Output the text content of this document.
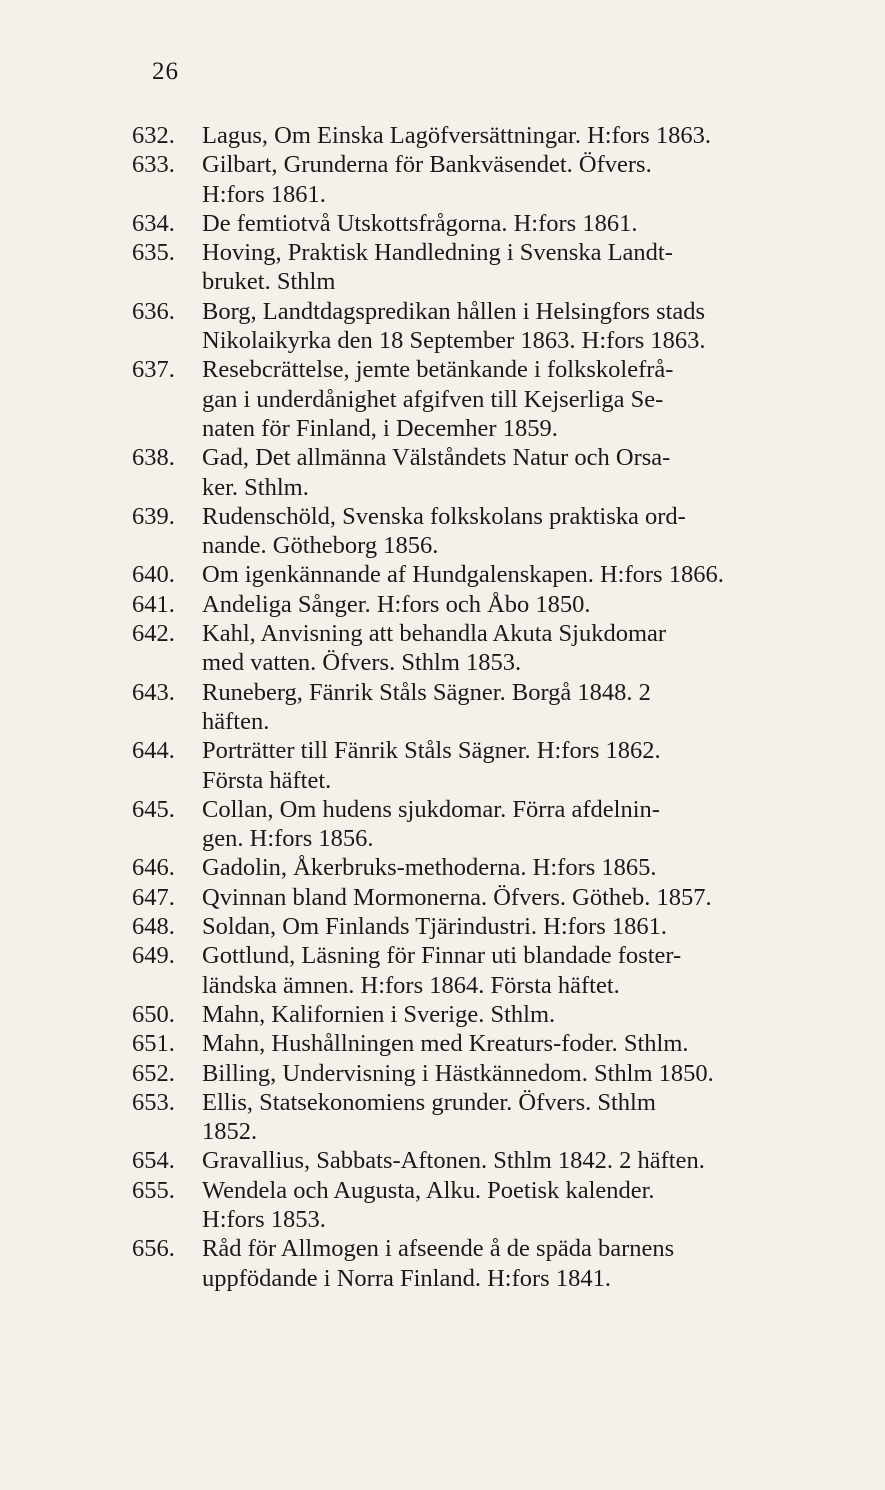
26
632.	Lagus, Om Einska Lagöfversättningar. H:fors 1863.
633.	Gilbart, Grunderna för Bankväsendet. Öfvers.
H:fors 1861.
634.	De femtiotvå Utskottsfrågorna. H:fors 1861.
635.	Hoving, Praktisk Handledning i Svenska Landt-
bruket. Sthlm
636.	Borg, Landtdagspredikan hållen i Helsingfors stads
Nikolaikyrka den 18 September 1863. H:fors 1863.
637.	Resebcrättelse, jemte betänkande i folkskolefrå-
gan i underdånighet afgifven till Kejserliga Se-
naten för Finland, i Decemher 1859.
638.	Gad, Det allmänna Välståndets Natur och Orsa-
ker. Sthlm.
639.	Rudenschöld, Svenska folkskolans praktiska ord-
nande. Götheborg 1856.
640.	Om igenkännande af Hundgalenskapen. H:fors 1866.
641.	Andeliga Sånger. H:fors och Åbo 1850.
642.	Kahl, Anvisning att behandla Akuta Sjukdomar
med vatten. Öfvers. Sthlm 1853.
643.	Runeberg, Fänrik Ståls Sägner. Borgå 1848. 2
häften.
644.	Porträtter till Fänrik Ståls Sägner. H:fors 1862.
Första häftet.
645.	Collan, Om hudens sjukdomar. Förra afdelnin-
gen. H:fors 1856.
646.	Gadolin, Åkerbruks-methoderna. H:fors 1865.
647.	Qvinnan bland Mormonerna. Öfvers. Götheb. 1857.
648.	Soldan, Om Finlands Tjärindustri. H:fors 1861.
649.	Gottlund, Läsning för Finnar uti blandade foster-
ländska ämnen. H:fors 1864. Första häftet.
650.	Mahn, Kalifornien i Sverige. Sthlm.
651.	Mahn, Hushållningen med Kreaturs-foder. Sthlm.
652.	Billing, Undervisning i Hästkännedom. Sthlm 1850.
653.	Ellis, Statsekonomiens grunder. Öfvers. Sthlm
1852.
654.	Gravallius, Sabbats-Aftonen. Sthlm 1842. 2 häften.
655.	Wendela och Augusta, Alku. Poetisk kalender.
H:fors 1853.
656.	Råd för Allmogen i afseende å de späda barnens
uppfödande i Norra Finland. H:fors 1841.
